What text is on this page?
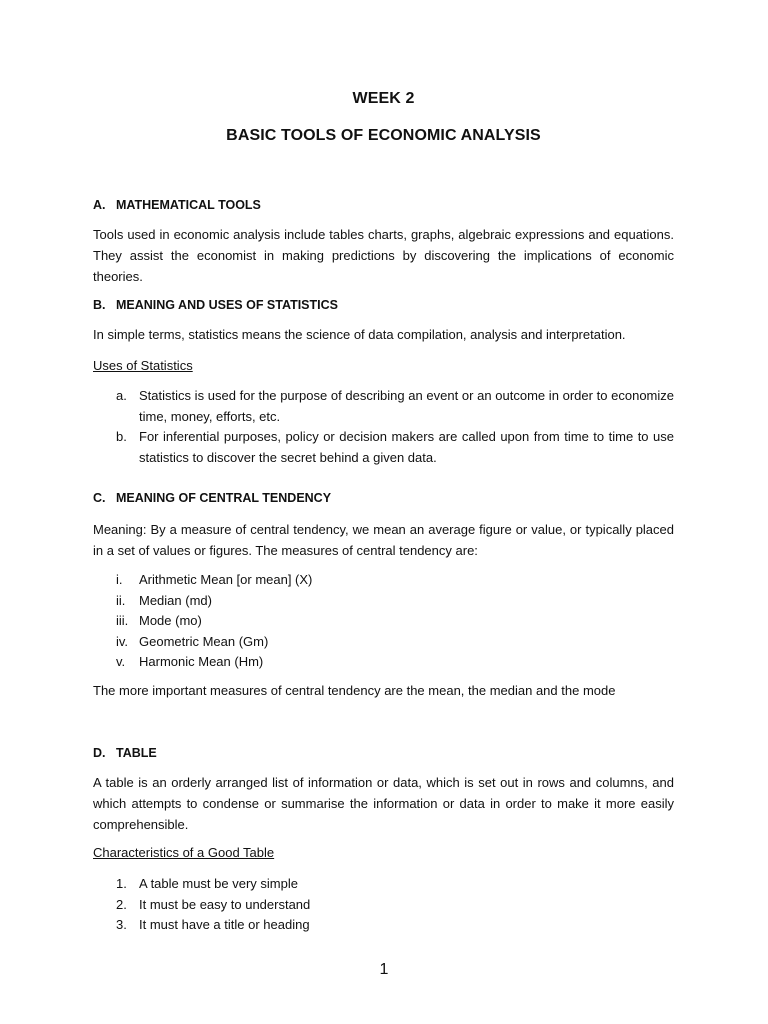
WEEK 2
BASIC TOOLS OF ECONOMIC ANALYSIS
A. MATHEMATICAL TOOLS
Tools used in economic analysis include tables charts, graphs, algebraic expressions and equations. They assist the economist in making predictions by discovering the implications of economic theories.
B. MEANING AND USES OF STATISTICS
In simple terms, statistics means the science of data compilation, analysis and interpretation.
Uses of Statistics
a. Statistics is used for the purpose of describing an event or an outcome in order to economize time, money, efforts, etc.
b. For inferential purposes, policy or decision makers are called upon from time to time to use statistics to discover the secret behind a given data.
C. MEANING OF CENTRAL TENDENCY
Meaning: By a measure of central tendency, we mean an average figure or value, or typically placed in a set of values or figures. The measures of central tendency are:
i. Arithmetic Mean [or mean] (X)
ii. Median (md)
iii. Mode (mo)
iv. Geometric Mean (Gm)
v. Harmonic Mean (Hm)
The more important measures of central tendency are the mean, the median and the mode
D. TABLE
A table is an orderly arranged list of information or data, which is set out in rows and columns, and which attempts to condense or summarise the information or data in order to make it more easily comprehensible.
Characteristics of a Good Table
1. A table must be very simple
2. It must be easy to understand
3. It must have a title or heading
1
